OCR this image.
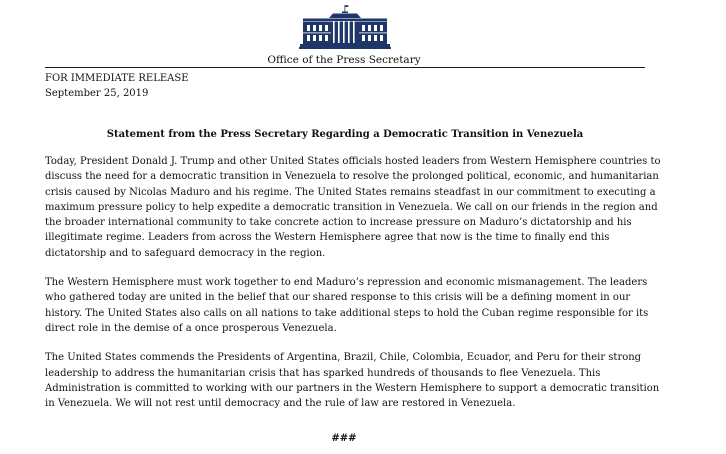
Office of the Press Secretary
FOR IMMEDIATE RELEASE
September 25, 2019
Statement from the Press Secretary Regarding a Democratic Transition in Venezuela

Today, President Donald J. Trump and other United States officials hosted leaders from Western Hemisphere countries to
discuss the need for a democratic transition in Venezuela to resolve the prolonged political, economic, and humanitarian
crisis caused by Nicolas Maduro and his regime. The United States remains steadfast in our commitment to executing a
maximum pressure policy to help expedite a democratic transition in Venezuela. We call on our friends in the region and
the broader international community to take concrete action to increase pressure on Maduro’s dictatorship and his
illegitimate regime. Leaders from across the Western Hemisphere agree that now is the time to finally end this
dictatorship and to safeguard democracy in the region.

The Western Hemisphere must work together to end Maduro’s repression and economic mismanagement. The leaders
who gathered today are united in the belief that our shared response to this crisis will be a defining moment in our
history. The United States also calls on all nations to take additional steps to hold the Cuban regime responsible for its
direct role in the demise of a once prosperous Venezuela.

The United States commends the Presidents of Argentina, Brazil, Chile, Colombia, Ecuador, and Peru for their strong
leadership to address the humanitarian crisis that has sparked hundreds of thousands to flee Venezuela. This
Administration is committed to working with our partners in the Western Hemisphere to support a democratic transition
in Venezuela. We will not rest until democracy and the rule of law are restored in Venezuela.

###
